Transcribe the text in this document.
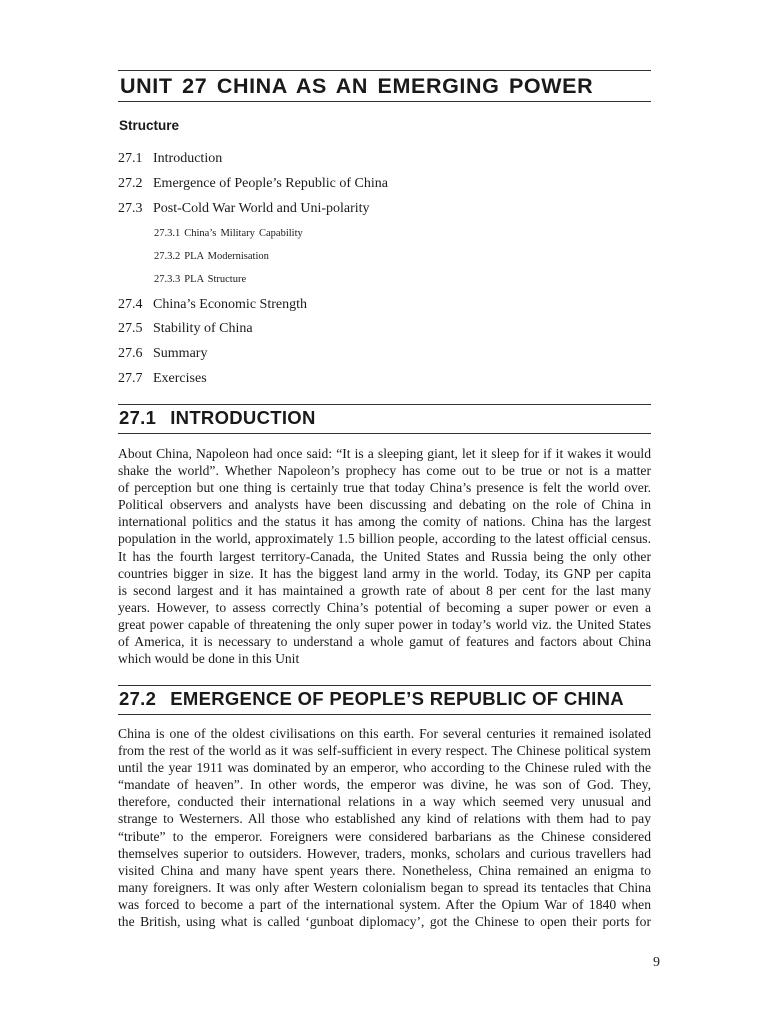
UNIT 27 CHINA AS AN EMERGING POWER
Structure
27.1 Introduction
27.2 Emergence of People’s Republic of China
27.3 Post-Cold War World and Uni-polarity
27.3.1 China’s Military Capability
27.3.2 PLA Modernisation
27.3.3 PLA Structure
27.4 China’s Economic Strength
27.5 Stability of China
27.6 Summary
27.7 Exercises
27.1 INTRODUCTION
About China, Napoleon had once said: “It is a sleeping giant, let it sleep for if it wakes it would
shake the world”. Whether Napoleon’s prophecy has come out to be true or not is a matter
of perception but one thing is certainly true that today China’s presence is felt the world over.
Political observers and analysts have been discussing and debating on the role of China in
international politics and the status it has among the comity of nations. China has the largest
population in the world, approximately 1.5 billion people, according to the latest official census.
It has the fourth largest territory-Canada, the United States and Russia being the only other
countries bigger in size. It has the biggest land army in the world. Today, its GNP per capita
is second largest and it has maintained a growth rate of about 8 per cent for the last many
years. However, to assess correctly China’s potential of becoming a super power or even a
great power capable of threatening the only super power in today’s world viz. the United States
of America, it is necessary to understand a whole gamut of features and factors about China
which would be done in this Unit
27.2 EMERGENCE OF PEOPLE’S REPUBLIC OF CHINA
China is one of the oldest civilisations on this earth. For several centuries it remained isolated
from the rest of the world as it was self-sufficient in every respect. The Chinese political system
until the year 1911 was dominated by an emperor, who according to the Chinese ruled with the
“mandate of heaven”. In other words, the emperor was divine, he was son of God. They,
therefore, conducted their international relations in a way which seemed very unusual and
strange to Westerners. All those who established any kind of relations with them had to pay
“tribute” to the emperor. Foreigners were considered barbarians as the Chinese considered
themselves superior to outsiders. However, traders, monks, scholars and curious travellers had
visited China and many have spent years there. Nonetheless, China remained an enigma to
many foreigners. It was only after Western colonialism began to spread its tentacles that China
was forced to become a part of the international system. After the Opium War of 1840 when
the British, using what is called ‘gunboat diplomacy’, got the Chinese to open their ports for
9
